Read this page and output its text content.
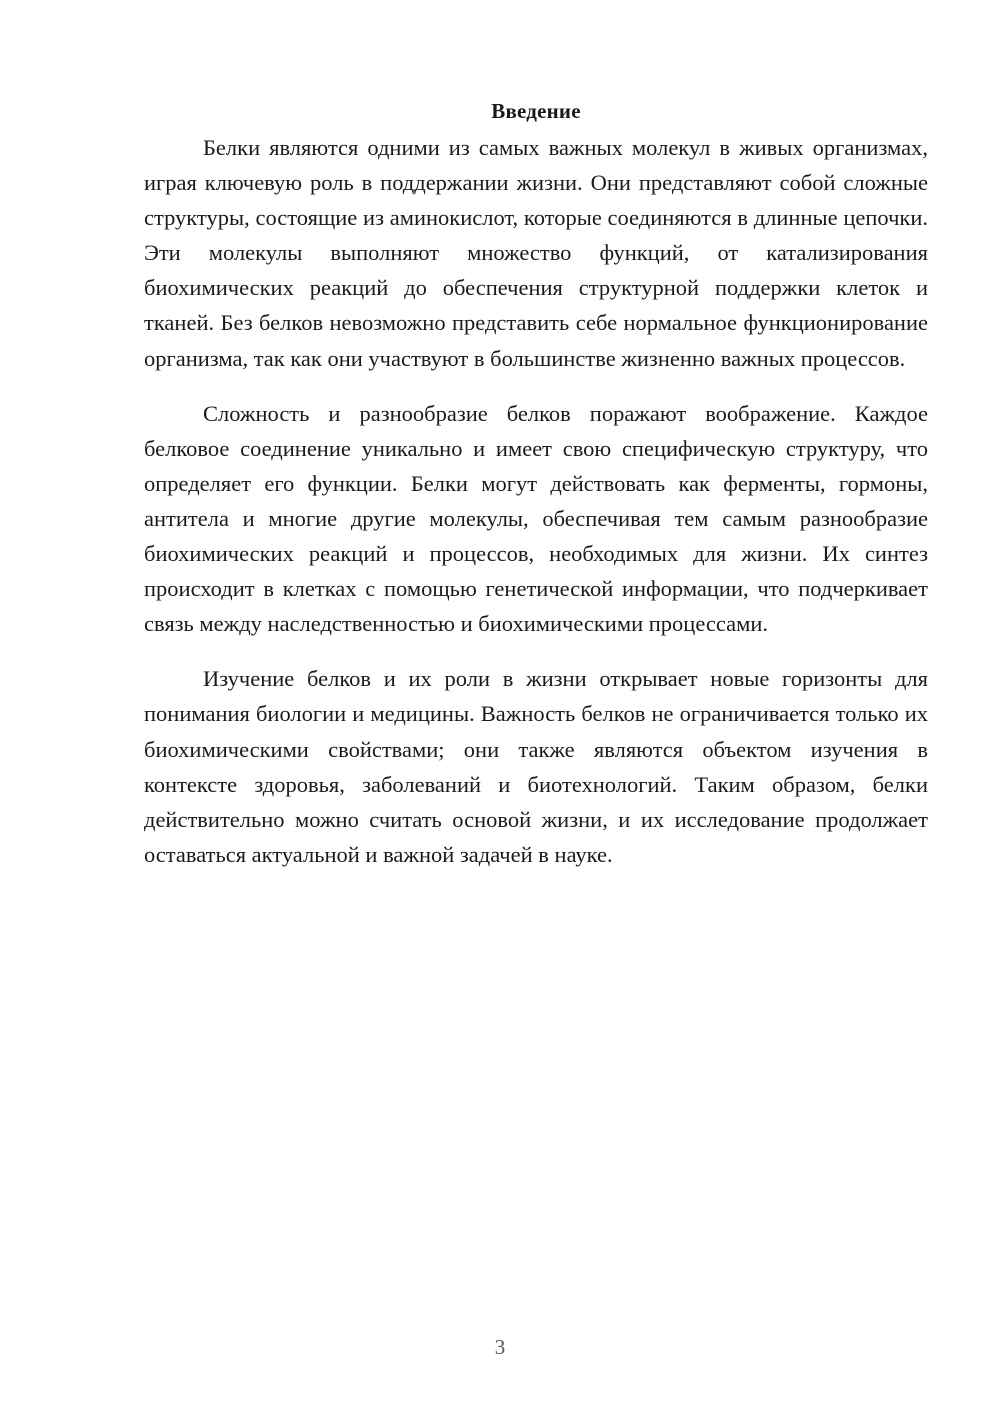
Введение

Белки являются одними из самых важных молекул в живых организмах, играя ключевую роль в поддержании жизни. Они представляют собой сложные структуры, состоящие из аминокислот, которые соединяются в длинные цепочки. Эти молекулы выполняют множество функций, от катализирования биохимических реакций до обеспечения структурной поддержки клеток и тканей. Без белков невозможно представить себе нормальное функционирование организма, так как они участвуют в большинстве жизненно важных процессов.

Сложность и разнообразие белков поражают воображение. Каждое белковое соединение уникально и имеет свою специфическую структуру, что определяет его функции. Белки могут действовать как ферменты, гормоны, антитела и многие другие молекулы, обеспечивая тем самым разнообразие биохимических реакций и процессов, необходимых для жизни. Их синтез происходит в клетках с помощью генетической информации, что подчеркивает связь между наследственностью и биохимическими процессами.

Изучение белков и их роли в жизни открывает новые горизонты для понимания биологии и медицины. Важность белков не ограничивается только их биохимическими свойствами; они также являются объектом изучения в контексте здоровья, заболеваний и биотехнологий. Таким образом, белки действительно можно считать основой жизни, и их исследование продолжает оставаться актуальной и важной задачей в науке.

3
